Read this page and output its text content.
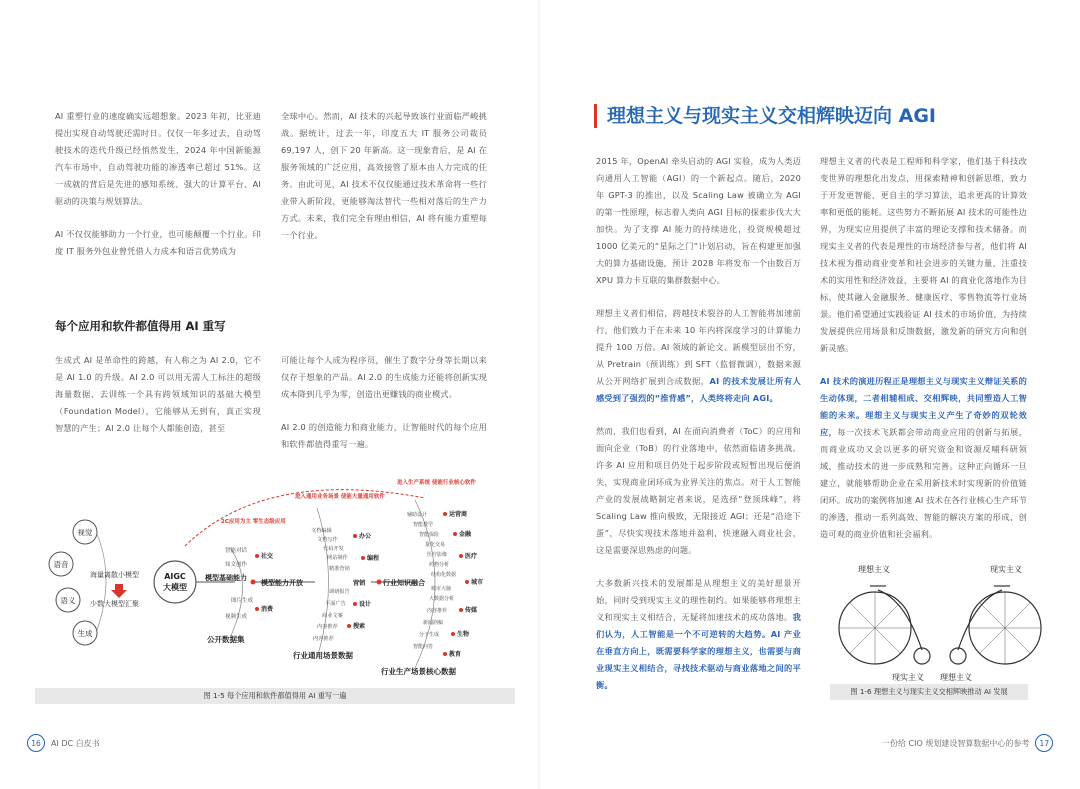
AI 重塑行业的速度确实远超想象。2023 年初，比亚迪提出实现自动驾驶还需时日。仅仅一年多过去，自动驾驶技术的迭代升级已经悄然发生，2024 年中国新能源汽车市场中，自动驾驶功能的渗透率已超过 51%。这一成就的背后是先进的感知系统、强大的计算平台、AI 驱动的决策与规划算法。

AI 不仅仅能够助力一个行业，也可能颠覆一个行业。印度 IT 服务外包业曾凭借人力成本和语言优势成为

全球中心。然而，AI 技术的兴起导致该行业面临严峻挑战。据统计，过去一年，印度五大 IT 服务公司裁员 69,197 人，创下 20 年新高。这一现象背后，是 AI 在服务领域的广泛应用，高效接管了原本由人力完成的任务。由此可见，AI 技术不仅仅能通过技术革命将一些行业带入新阶段，更能够淘汰替代一些相对落后的生产力方式。未来，我们完全有理由相信，AI 将有能力重塑每一个行业。

每个应用和软件都值得用 AI 重写

生成式 AI 是革命性的跨越，有人称之为 AI 2.0，它不是 AI 1.0 的升级。AI 2.0 可以用无需人工标注的超级海量数据、去训练一个具有跨领域知识的基础大模型（Foundation Model），它能够从无到有，真正实现智慧的产生；AI 2.0 让每个人都能创造，甚至

可能让每个人成为程序员，催生了数字分身等长期以来仅存于想象的产品。AI 2.0 的生成能力还能将创新实现成本降到几乎为零，创造出更赚钱的商业模式。

AI 2.0 的创造能力和商业能力，让智能时代的每个应用和软件都值得重写一遍。

视觉
语音
语义
生成
海量离散小模型
少数大模型汇聚
AIGC
大模型
2C应用为主 零生态级应用
进入通用业务场景 使能大量通用软件
进入生产系统 使能行业核心软件
模型基础能力
智能对话
知文创作
图片生成
视频生成
社交
消费
公开数据集
模型能力开放
文档编辑
文档写作
代码开发
网站制作
精准营销
调研报告
平面广告
商业文案
内容推荐
内容推荐
办公
编程
设计
搜索
营销
行业通用场景数据
行业知识融合
辅助设计
智能教学
智能保险
量化交易
医疗影像
药物分析
结构化数据
城市大脑
大数据分析
内容推荐
新闻润稿
分子生成
智能问答
运营商
金融
医疗
城市
传媒
生物
教育
行业生产场景核心数据
图 1-5 每个应用和软件都值得用 AI 重写一遍
16	AI DC 白皮书
理想主义与现实主义交相辉映迈向 AGI

2015 年，OpenAI 牵头启动的 AGI 实验，成为人类迈向通用人工智能（AGI）的一个新起点。随后，2020 年 GPT-3 的推出，以及 Scaling Law 被确立为 AGI 的第一性原理，标志着人类向 AGI 目标的探索步伐大大加快。为了支撑 AI 能力的持续进化，投资规模超过1000 亿美元的“星际之门”计划启动，旨在构建更加强大的算力基础设施，预计 2028 年将发布一个由数百万 XPU 算力卡互联的集群数据中心。

理想主义者们相信，跨越技术裂谷的人工智能将加速前行，他们致力于在未来 10 年内将深度学习的计算能力提升 100 万倍。AI 领域的新论文、新模型层出不穷，从 Pretrain（预训练）到 SFT（监督微调），数据来源从公开网络扩展到合成数据，AI 的技术发展让所有人感受到了强烈的“推背感”，人类终将走向 AGI。

然而，我们也看到，AI 在面向消费者（ToC）的应用和面向企业（ToB）的行业落地中，依然面临诸多挑战。许多 AI 应用和项目仍处于起步阶段或短暂出现后便消失，实现商业闭环成为业界关注的焦点。对于人工智能产业的发展战略制定者来说，是选择“登顶珠峰”，将 Scaling Law 推向极致，无限接近 AGI；还是“沿途下蛋”，尽快实现技术落地并盈利，快速融入商业社会，这是需要深思熟虑的问题。

大多数新兴技术的发展都是从理想主义的美好愿景开始，同时受到现实主义的理性制约。如果能够将理想主义和现实主义相结合，无疑将加速技术的成功落地。我们认为，人工智能是一个不可逆转的大趋势。AI 产业在垂直方向上，既需要科学家的理想主义，也需要与商业现实主义相结合，寻找技术驱动与商业落地之间的平衡。

理想主义者的代表是工程师和科学家，他们基于科技改变世界的理想化出发点，用探索精神和创新思维，致力于开发更智能、更自主的学习算法，追求更高的计算效率和更低的能耗。这些努力不断拓展 AI 技术的可能性边界，为现实应用提供了丰富的理论支撑和技术储备。而现实主义者的代表是理性的市场经济参与者，他们将 AI 技术视为推动商业变革和社会进步的关键力量，注重技术的实用性和经济效益，主要将 AI 的商业化落地作为目标，使其融入金融服务、健康医疗、零售物流等行业场景。他们希望通过实践验证 AI 技术的市场价值，为持续发展提供应用场景和反馈数据，激发新的研究方向和创新灵感。

AI 技术的演进历程正是理想主义与现实主义辩证关系的生动体现，二者相辅相成、交相辉映，共同塑造人工智能的未来。理想主义与现实主义产生了奇妙的双轮效应，每一次技术飞跃都会带动商业应用的创新与拓展，而商业成功又会以更多的研究资金和资源反哺科研领域，推动技术的进一步成熟和完善。这种正向循环一旦建立，就能够帮助企业在采用新技术时实现新的价值链闭环。成功的案例将加速 AI 技术在各行业核心生产环节的渗透，推动一系列高效、智能的解决方案的形成，创造可观的商业价值和社会福利。

理想主义	现实主义
现实主义 理想主义
图 1-6 理想主义与现实主义交相辉映推动 AI 发展
一份给 CIO 规划建设智算数据中心的参考	17
